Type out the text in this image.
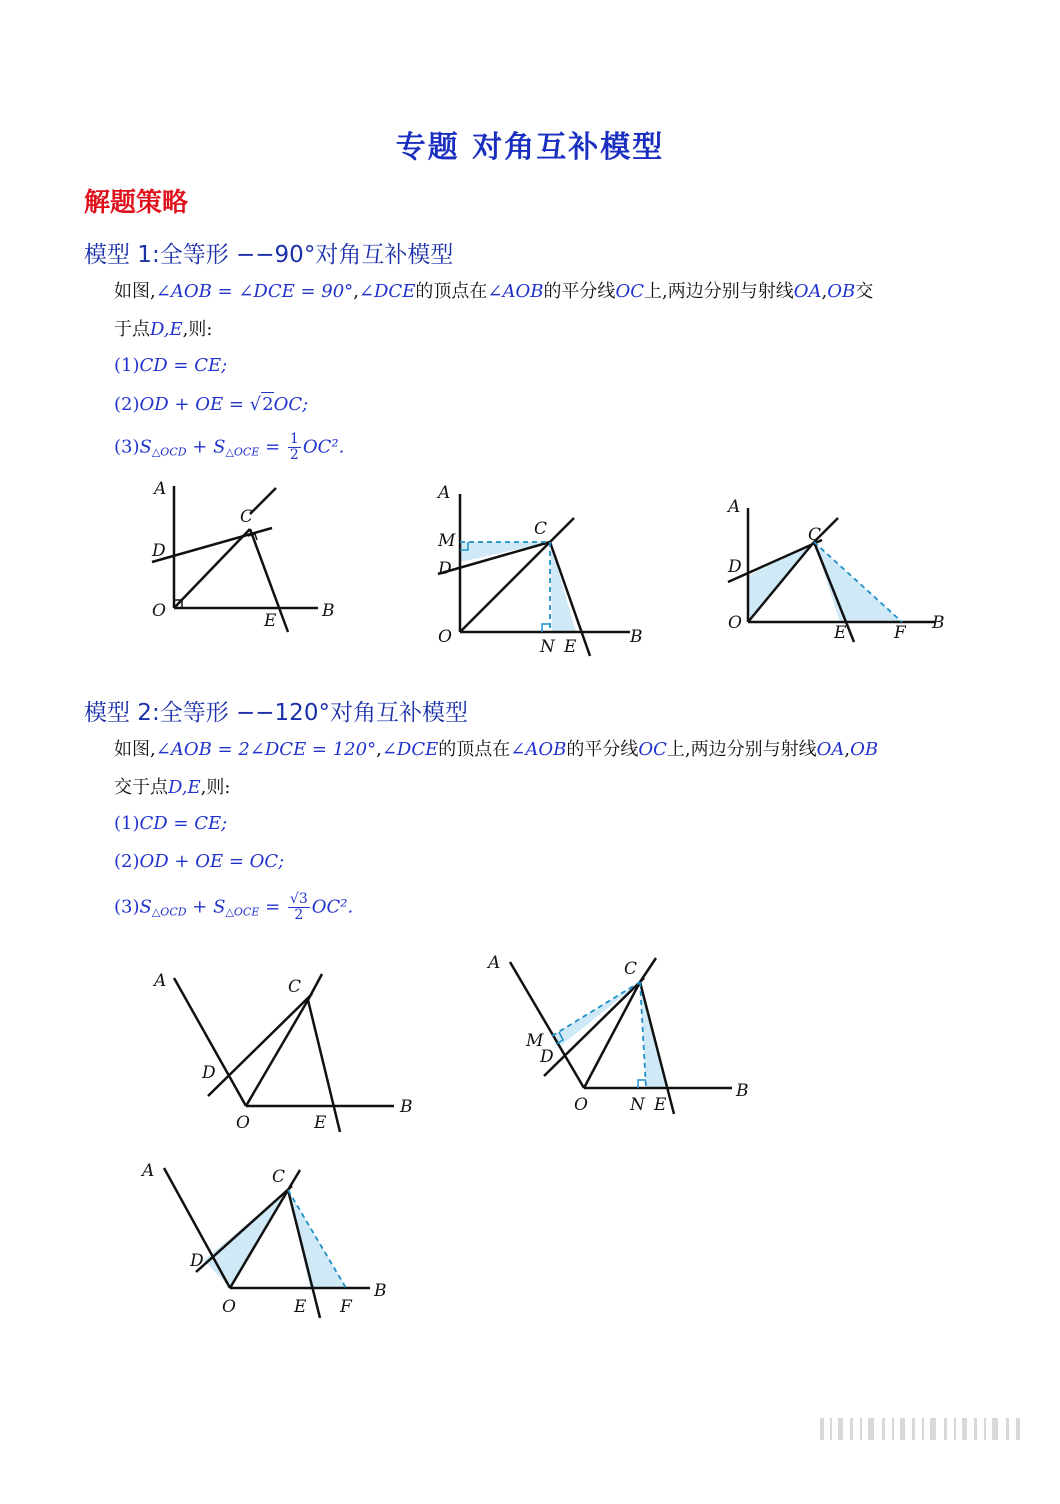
专题 对角互补模型
解题策略
模型 1:全等形 −−90°对角互补模型
如图,∠AOB = ∠DCE = 90°,∠DCE的顶点在∠AOB的平分线OC上,两边分别与射线OA,OB交
于点D,E,则:
(1)CD = CE;
(2)OD + OE = √2OC;
$(3)S_{\triangle OCD} + S_{\triangle OCE} = \frac{1}{2} OC^2$.
A
C
D
O	E	B
A
M
C
D
O	N E	B
A
C
D
O	E	F B
模型 2:全等形 −−120°对角互补模型
如图,∠AOB = 2∠DCE = 120°,∠DCE的顶点在∠AOB的平分线OC上,两边分别与射线OA,OB
交于点D,E,则:
(1)CD = CE;
(2)OD + OE = OC;
$(3)S_{\triangle OCD} + S_{\triangle OCE} = \frac{√3}{2} OC^2$.
A	C
D
O	E
B
A	C
M
D
O N E
B
A	C
D
O	E F
B
